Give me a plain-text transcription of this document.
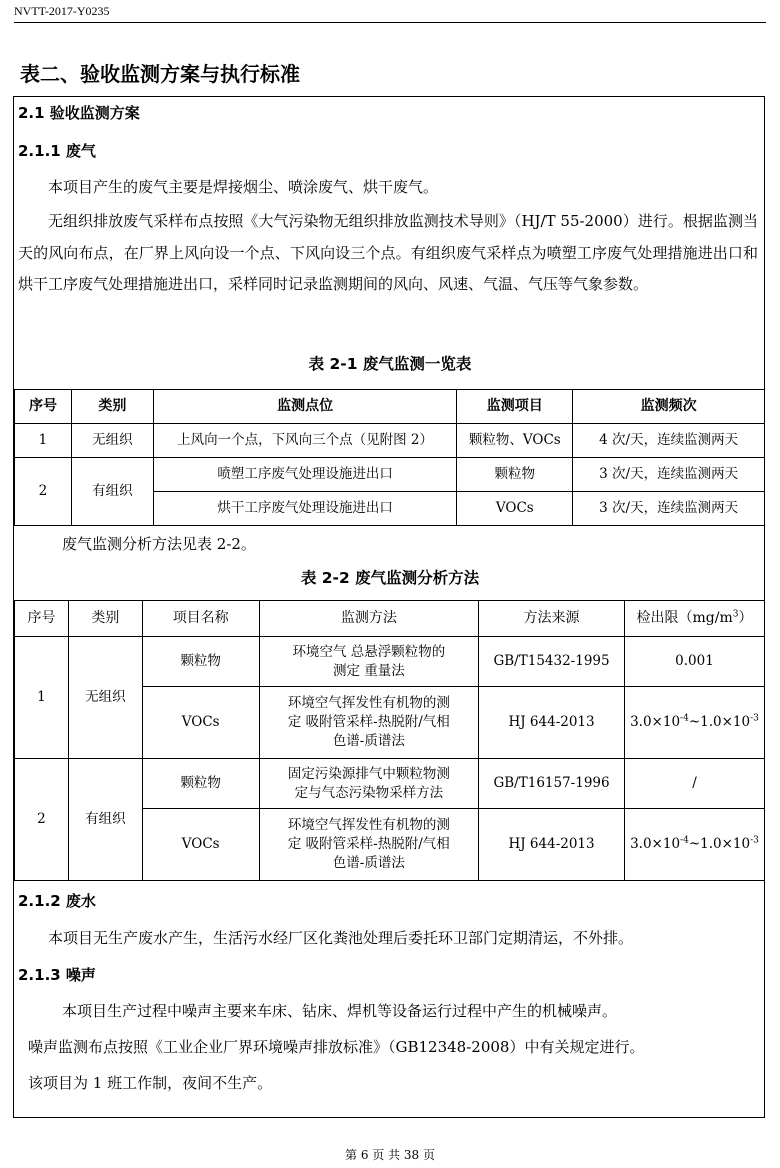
NVTT-2017-Y0235
表二、验收监测方案与执行标准
2.1 验收监测方案
2.1.1 废气
本项目产生的废气主要是焊接烟尘、喷涂废气、烘干废气。
无组织排放废气采样布点按照《大气污染物无组织排放监测技术导则》（HJ/T 55-2000）进行。根据监测当天的风向布点，在厂界上风向设一个点、下风向设三个点。有组织废气采样点为喷塑工序废气处理措施进出口和烘干工序废气处理措施进出口，采样同时记录监测期间的风向、风速、气温、气压等气象参数。
表 2-1 废气监测一览表
序号	类别	监测点位	监测项目	监测频次
1	无组织	上风向一个点，下风向三个点（见附图 2）	颗粒物、VOCs	4 次/天，连续监测两天
2	有组织	喷塑工序废气处理设施进出口	颗粒物	3 次/天，连续监测两天
		烘干工序废气处理设施进出口	VOCs	3 次/天，连续监测两天
废气监测分析方法见表 2-2。
表 2-2 废气监测分析方法
序号	类别	项目名称	监测方法	方法来源	检出限$(mg/m^3)$
1	无组织	颗粒物	环境空气 总悬浮颗粒物的
测定 重量法	GB/T15432-1995	0.001
		VOCs	环境空气挥发性有机物的测
定 吸附管采样-热脱附/气相
色谱-质谱法	HJ 644-2013	$3.0\times 10^{-4}\sim 1.0\times 10^{-3}$
2	有组织	颗粒物	固定污染源排气中颗粒物测
定与气态污染物采样方法	GB/T16157-1996	/
		VOCs	环境空气挥发性有机物的测
定 吸附管采样-热脱附/气相
色谱-质谱法	HJ 644-2013	$3.0\times 10^{-4}\sim 1.0\times 10^{-3}$
2.1.2 废水
本项目无生产废水产生，生活污水经厂区化粪池处理后委托环卫部门定期清运，不外排。
2.1.3 噪声
本项目生产过程中噪声主要来车床、钻床、焊机等设备运行过程中产生的机械噪声。
噪声监测布点按照《工业企业厂界环境噪声排放标准》（GB12348-2008）中有关规定进行。
该项目为 1 班工作制，夜间不生产。
第 6 页 共 38 页
